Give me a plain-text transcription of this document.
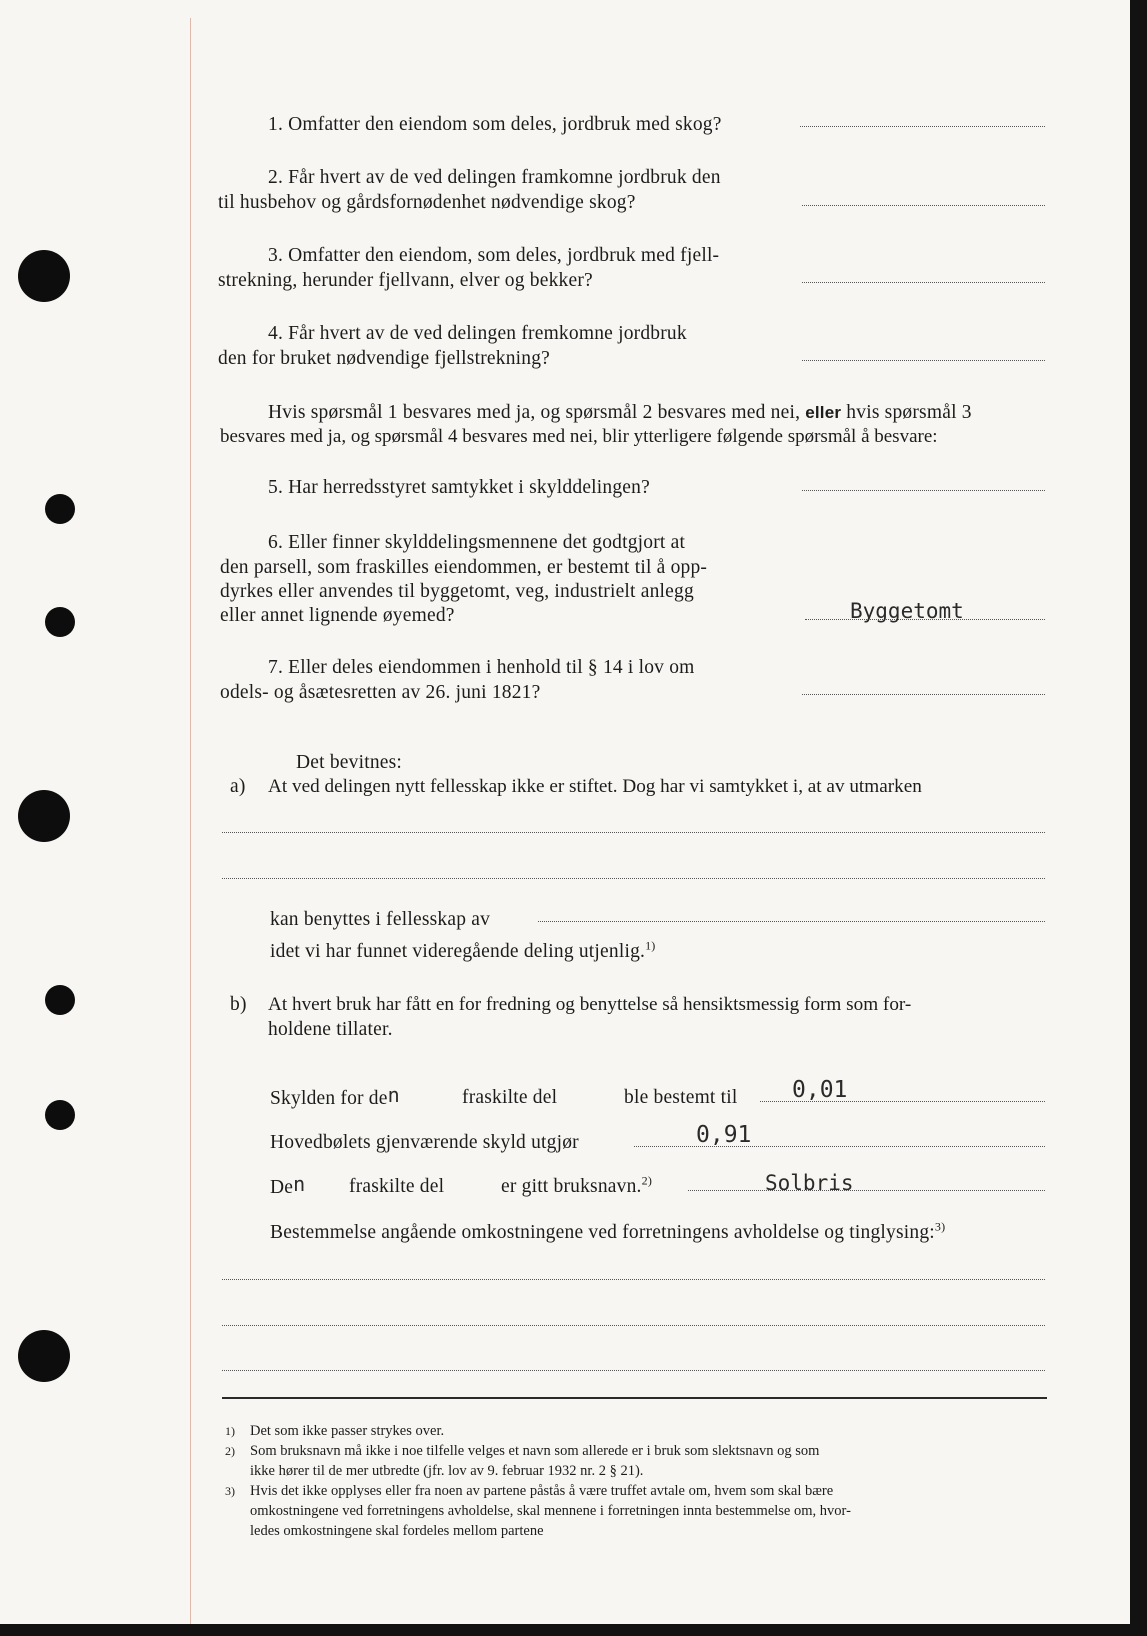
1. Omfatter den eiendom som deles, jordbruk med skog?
2. Får hvert av de ved delingen framkomne jordbruk den
til husbehov og gårdsfornødenhet nødvendige skog?
3. Omfatter den eiendom, som deles, jordbruk med fjell-
strekning, herunder fjellvann, elver og bekker?
4. Får hvert av de ved delingen fremkomne jordbruk
den for bruket nødvendige fjellstrekning?
Hvis spørsmål 1 besvares med ja, og spørsmål 2 besvares med nei, eller hvis spørsmål 3
besvares med ja, og spørsmål 4 besvares med nei, blir ytterligere følgende spørsmål å besvare:
5. Har herredsstyret samtykket i skylddelingen?
6. Eller finner skylddelingsmennene det godtgjort at
den parsell, som fraskilles eiendommen, er bestemt til å opp-
dyrkes eller anvendes til byggetomt, veg, industrielt anlegg
eller annet lignende øyemed?	Byggetomt
7. Eller deles eiendommen i henhold til § 14 i lov om
odels- og åsætesretten av 26. juni 1821?
Det bevitnes:
a) At ved delingen nytt fellesskap ikke er stiftet. Dog har vi samtykket i, at av utmarken
kan benyttes i fellesskap av
idet vi har funnet videregående deling utjenlig.$^{1)}$
b) At hvert bruk har fått en for fredning og benyttelse så hensiktsmessig form som for-
holdene tillater.
Skylden for den	fraskilte del	ble bestemt til 0,01
Hovedbølets gjenværende skyld utgjør	0,91
Den fraskilte del	er gitt bruksnavn.$^{2)}$	Solbris
Bestemmelse angående omkostningene ved forretningens avholdelse og tinglysing:$^{3)}$
1) Det som ikke passer strykes over.
2) Som bruksnavn må ikke i noe tilfelle velges et navn som allerede er i bruk som slektsnavn og som
ikke hører til de mer utbredte (jfr. lov av 9. februar 1932 nr. 2 § 21).
3) Hvis det ikke opplyses eller fra noen av partene påstås å være truffet avtale om, hvem som skal bære
omkostningene ved forretningens avholdelse, skal mennene i forretningen innta bestemmelse om, hvor-
ledes omkostningene skal fordeles mellom partene
